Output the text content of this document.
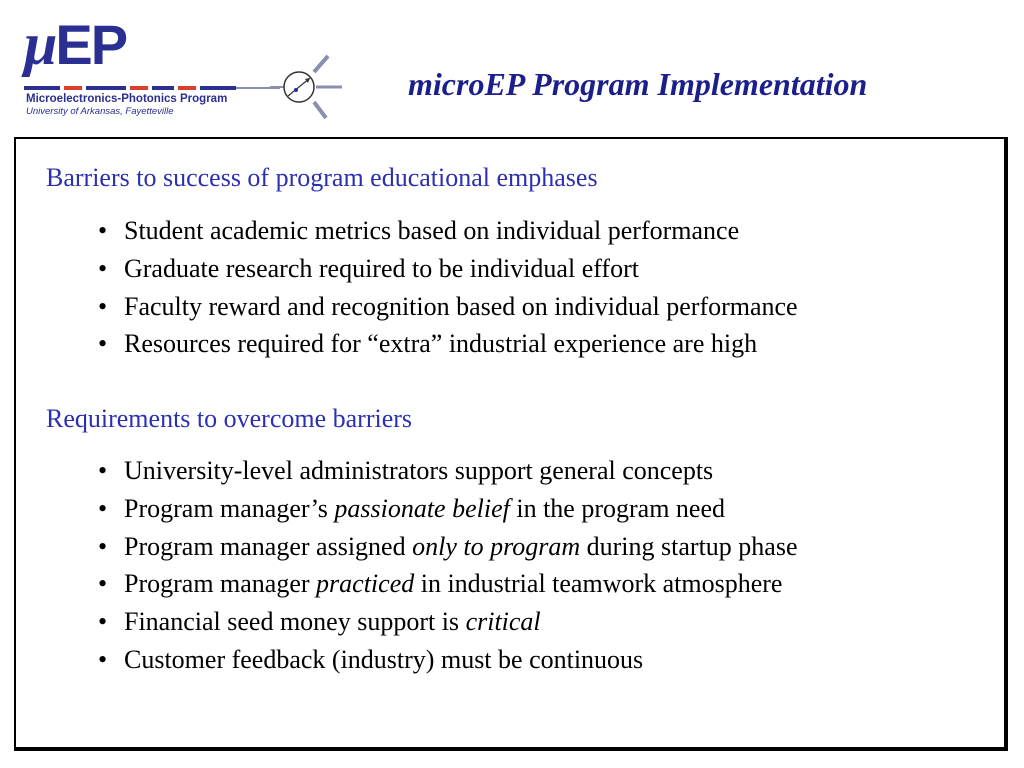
μEP
Microelectronics-Photonics Program
University of Arkansas, Fayetteville
microEP Program Implementation
Barriers to success of program educational emphases
• Student academic metrics based on individual performance
• Graduate research required to be individual effort
• Faculty reward and recognition based on individual performance
• Resources required for “extra” industrial experience are high
Requirements to overcome barriers
• University-level administrators support general concepts
• Program manager’s passionate belief in the program need
• Program manager assigned only to program during startup phase
• Program manager practiced in industrial teamwork atmosphere
• Financial seed money support is critical
• Customer feedback (industry) must be continuous
